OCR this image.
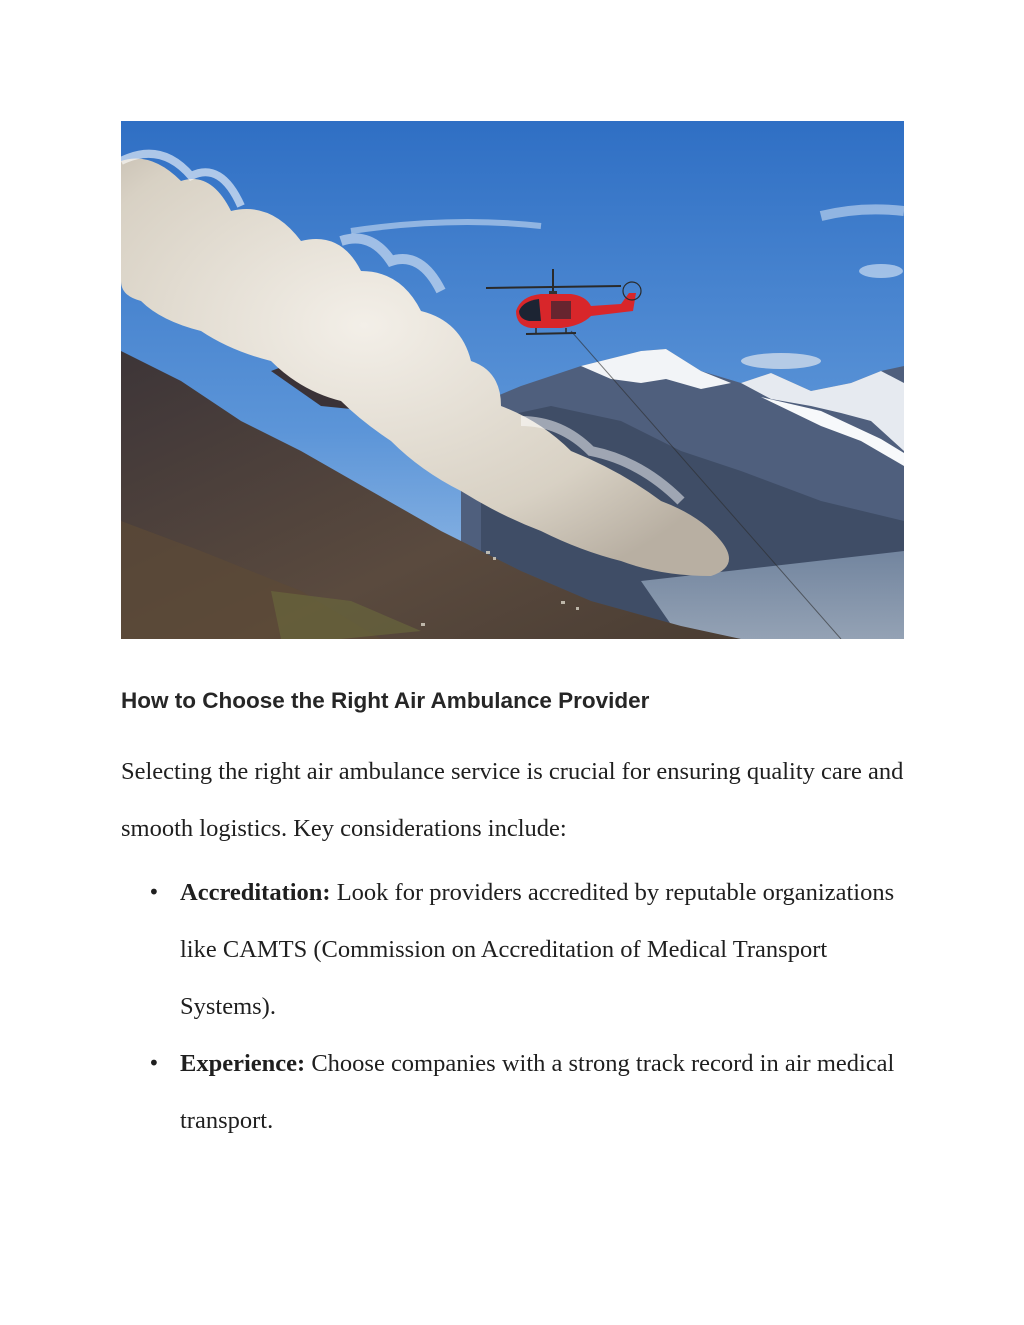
How to Choose the Right Air Ambulance Provider

Selecting the right air ambulance service is crucial for ensuring quality care and smooth logistics. Key considerations include:

• Accreditation: Look for providers accredited by reputable organizations like CAMTS (Commission on Accreditation of Medical Transport Systems).
• Experience: Choose companies with a strong track record in air medical transport.
